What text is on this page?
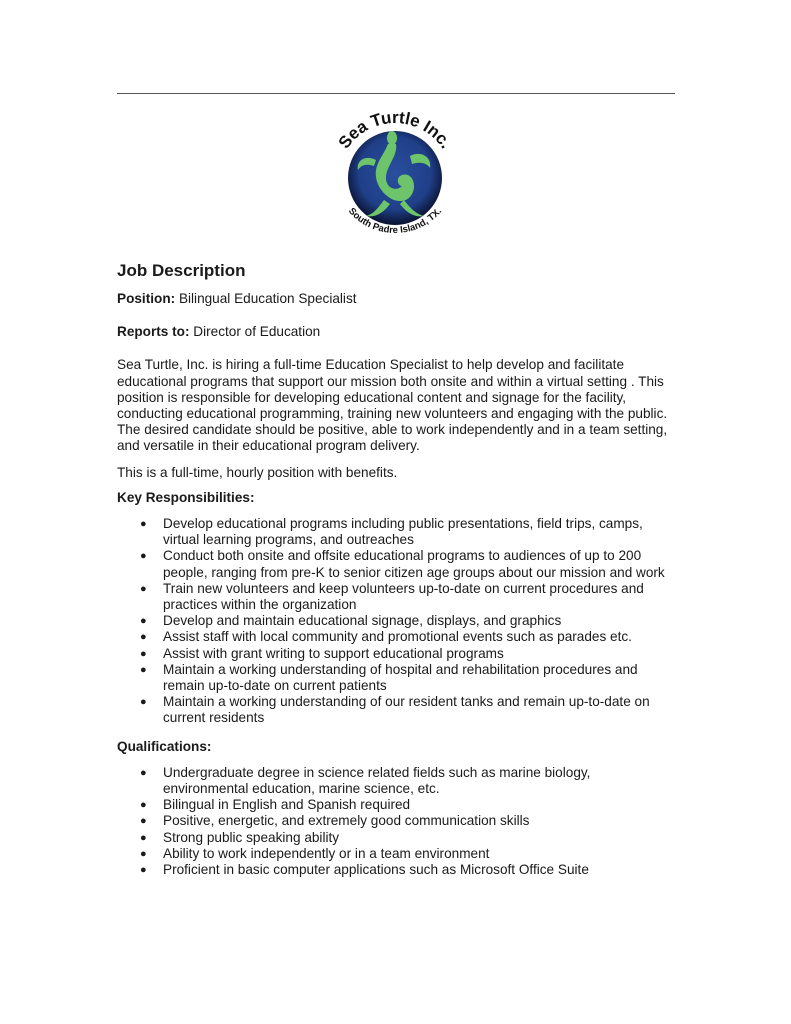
Sea Turtle Inc.
South Padre Island, TX.
Job Description

Position: Bilingual Education Specialist

Reports to: Director of Education

Sea Turtle, Inc. is hiring a full-time Education Specialist to help develop and facilitate educational programs that support our mission both onsite and within a virtual setting . This position is responsible for developing educational content and signage for the facility, conducting educational programming, training new volunteers and engaging with the public. The desired candidate should be positive, able to work independently and in a team setting, and versatile in their educational program delivery.

This is a full-time, hourly position with benefits.

Key Responsibilities:
● Develop educational programs including public presentations, field trips, camps, virtual learning programs, and outreaches
● Conduct both onsite and offsite educational programs to audiences of up to 200 people, ranging from pre-K to senior citizen age groups about our mission and work
● Train new volunteers and keep volunteers up-to-date on current procedures and practices within the organization
● Develop and maintain educational signage, displays, and graphics
● Assist staff with local community and promotional events such as parades etc.
● Assist with grant writing to support educational programs
● Maintain a working understanding of hospital and rehabilitation procedures and remain up-to-date on current patients
● Maintain a working understanding of our resident tanks and remain up-to-date on current residents
Qualifications:
● Undergraduate degree in science related fields such as marine biology, environmental education, marine science, etc.
● Bilingual in English and Spanish required
● Positive, energetic, and extremely good communication skills
● Strong public speaking ability
● Ability to work independently or in a team environment
● Proficient in basic computer applications such as Microsoft Office Suite
